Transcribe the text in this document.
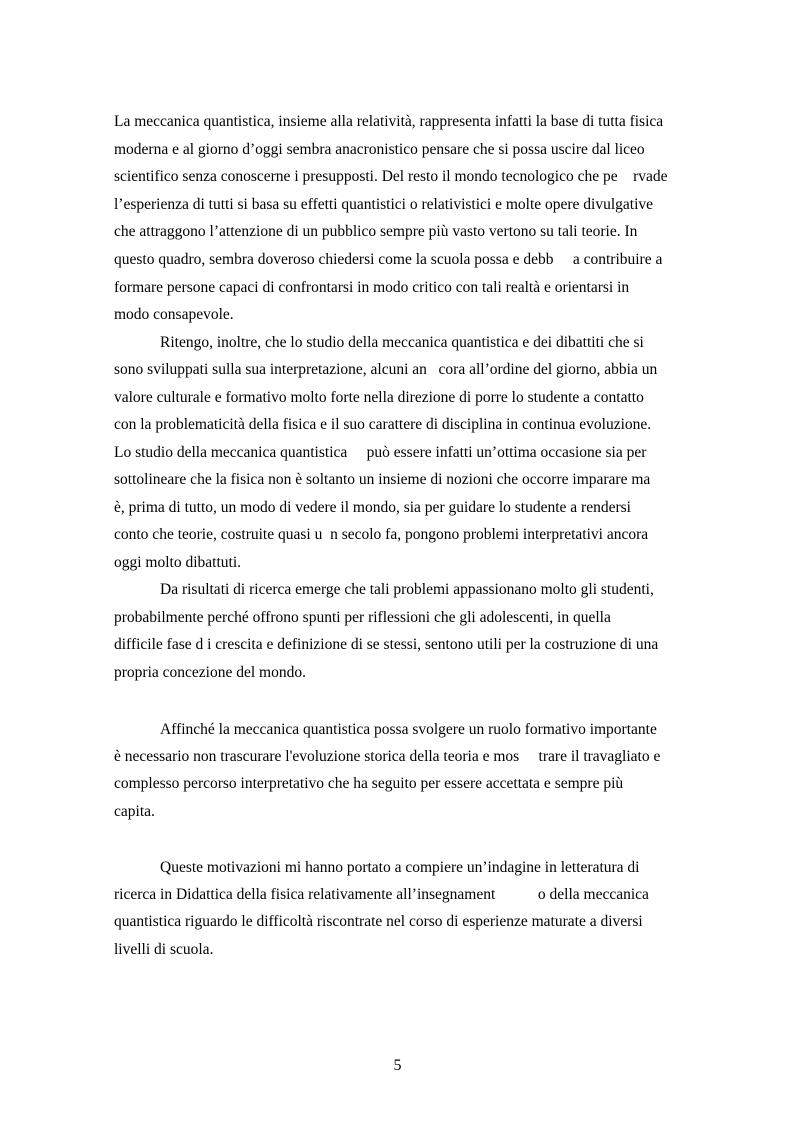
La meccanica quantistica, insieme alla relatività, rappresenta infatti la base di tutta fisica

moderna e al giorno d’oggi sembra anacronistico pensare che si possa uscire dal liceo

scientifico senza conoscerne i presupposti. Del resto il mondo tecnologico che pe    rvade

l’esperienza di tutti si basa su effetti quantistici o relativistici e molte opere divulgative

che attraggono l’attenzione di un pubblico sempre più vasto vertono su tali teorie. In

questo quadro, sembra doveroso chiedersi come la scuola possa e debb     a contribuire a

formare persone capaci di confrontarsi in modo critico con tali realtà e orientarsi in

modo consapevole.

Ritengo, inoltre, che lo studio della meccanica quantistica e dei dibattiti che si

sono sviluppati sulla sua interpretazione, alcuni an   cora all’ordine del giorno, abbia un

valore culturale e formativo molto forte nella direzione di porre lo studente a contatto

con la problematicità della fisica e il suo carattere di disciplina in continua evoluzione.

Lo studio della meccanica quantistica     può essere infatti un’ottima occasione sia per

sottolineare che la fisica non è soltanto un insieme di nozioni che occorre imparare ma

è, prima di tutto, un modo di vedere il mondo, sia per guidare lo studente a rendersi

conto che teorie, costruite quasi u  n secolo fa, pongono problemi interpretativi ancora

oggi molto dibattuti.

Da risultati di ricerca emerge che tali problemi appassionano molto gli studenti,

probabilmente perché offrono spunti per riflessioni che gli adolescenti, in quella

difficile fase d i crescita e definizione di se stessi, sentono utili per la costruzione di una

propria concezione del mondo.

Affinché la meccanica quantistica possa svolgere un ruolo formativo importante

è necessario non trascurare l'evoluzione storica della teoria e mos     trare il travagliato e

complesso percorso interpretativo che ha seguito per essere accettata e sempre più

capita.

Queste motivazioni mi hanno portato a compiere un’indagine in letteratura di

ricerca in Didattica della fisica relativamente all’insegnament           o della meccanica

quantistica riguardo le difficoltà riscontrate nel corso di esperienze maturate a diversi

livelli di scuola.

5
